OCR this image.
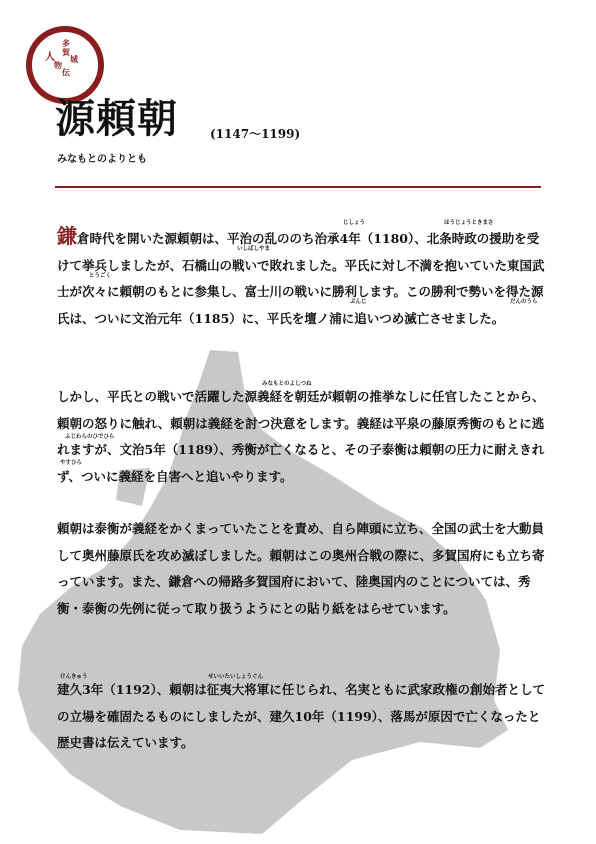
多
賀
城
人
物
伝
其 ノ 十
源頼朝	(1147〜1199)
みなもとのよりとも
じしょう	ほうじょうときまさ
いしばしやま
とうごく
ぶんじ	だんのうら

鎌倉時代を開いた源頼朝は、平治の乱ののち治承4年（1180）、北条時政の援助を受けて挙兵しましたが、石橋山の戦いで敗れました。平氏に対し不満を抱いていた東国武士が次々に頼朝のもとに参集し、富士川の戦いに勝利します。この勝利で勢いを得た源氏は、ついに文治元年（1185）に、平氏を壇ノ浦に追いつめ滅亡させました。

みなもとのよしつね
ふじわらのひでひら
やすひら

しかし、平氏との戦いで活躍した源義経を朝廷が頼朝の推挙なしに任官したことから、頼朝の怒りに触れ、頼朝は義経を討つ決意をします。義経は平泉の藤原秀衡のもとに逃れますが、文治5年（1189）、秀衡が亡くなると、その子泰衡は頼朝の圧力に耐えきれず、ついに義経を自害へと追いやります。

頼朝は泰衡が義経をかくまっていたことを責め、自ら陣頭に立ち、全国の武士を大動員して奥州藤原氏を攻め滅ぼしました。頼朝はこの奥州合戦の際に、多賀国府にも立ち寄っています。また、鎌倉への帰路多賀国府において、陸奥国内のことについては、秀衡・泰衡の先例に従って取り扱うようにとの貼り紙をはらせています。

けんきゅう	せいいたいしょうぐん

建久3年（1192）、頼朝は征夷大将軍に任じられ、名実ともに武家政権の創始者としての立場を確固たるものにしましたが、建久10年（1199）、落馬が原因で亡くなったと歴史書は伝えています。
